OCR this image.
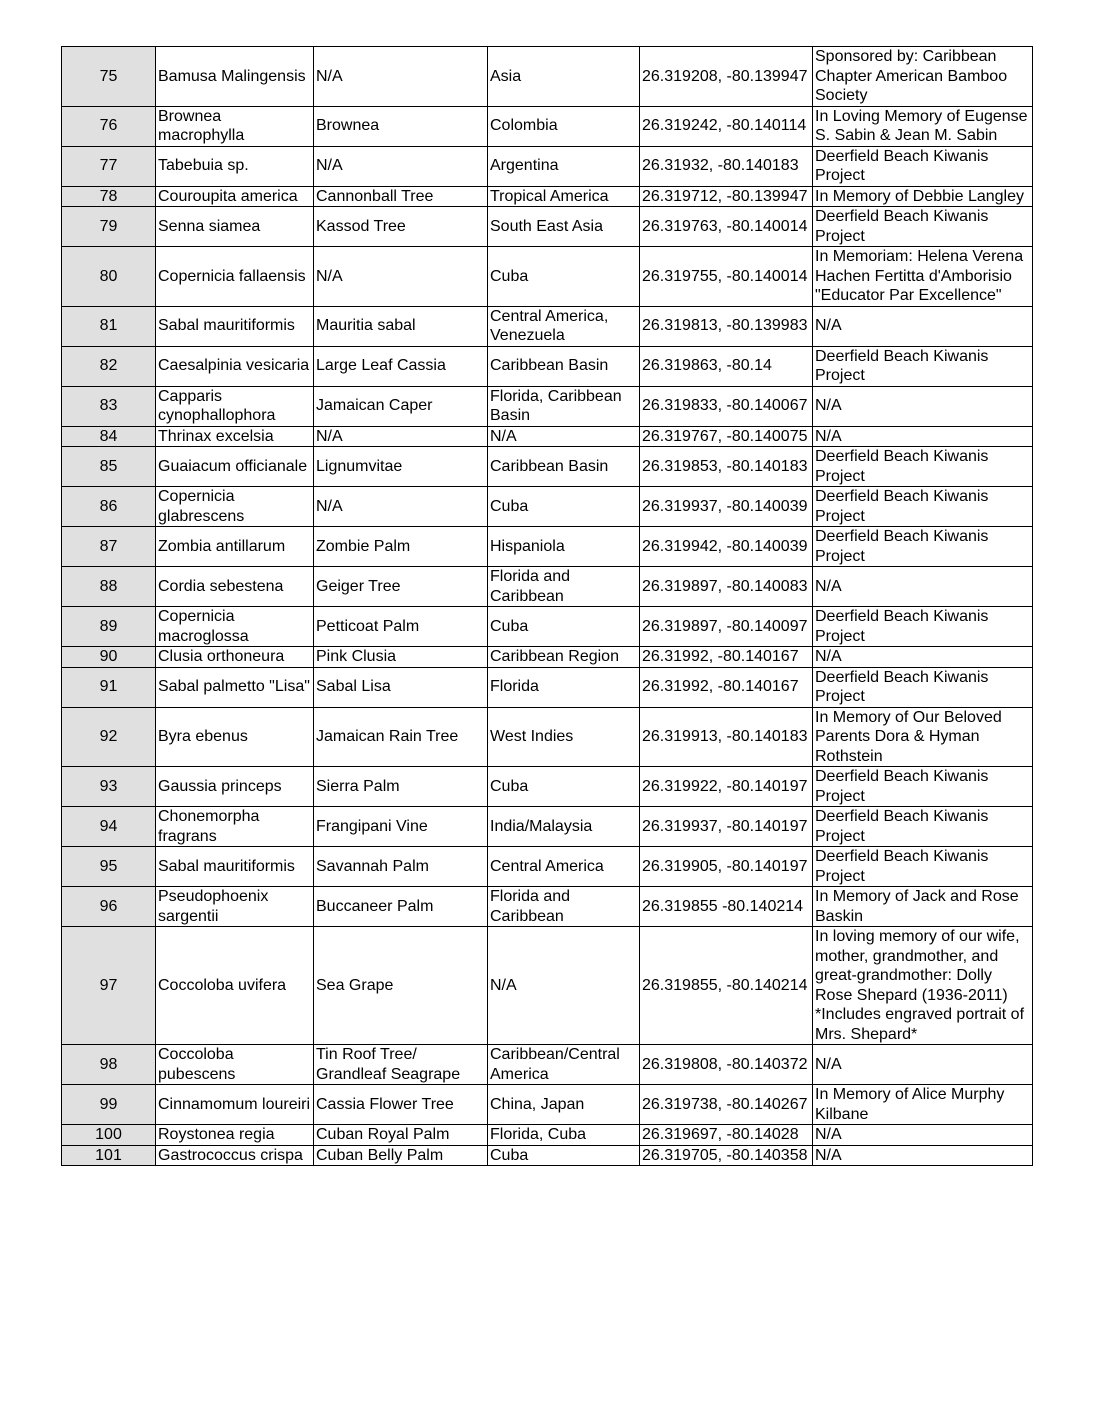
75	Bamusa Malingensis	N/A	Asia	26.319208, -80.139947	Sponsored by: Caribbean Chapter American Bamboo Society
76	Brownea macrophylla	Brownea	Colombia	26.319242, -80.140114	In Loving Memory of Eugense S. Sabin & Jean M. Sabin
77	Tabebuia sp.	N/A	Argentina	26.31932, -80.140183	Deerfield Beach Kiwanis Project
78	Couroupita america	Cannonball Tree	Tropical America	26.319712, -80.139947	In Memory of Debbie Langley
79	Senna siamea	Kassod Tree	South East Asia	26.319763, -80.140014	Deerfield Beach Kiwanis Project
80	Copernicia fallaensis	N/A	Cuba	26.319755, -80.140014	In Memoriam: Helena Verena Hachen Fertitta d'Amborisio "Educator Par Excellence"
81	Sabal mauritiformis	Mauritia sabal	Central America, Venezuela	26.319813, -80.139983	N/A
82	Caesalpinia vesicaria	Large Leaf Cassia	Caribbean Basin	26.319863, -80.14	Deerfield Beach Kiwanis Project
83	Capparis cynophallophora	Jamaican Caper	Florida, Caribbean Basin	26.319833, -80.140067	N/A
84	Thrinax excelsia	N/A	N/A	26.319767, -80.140075	N/A
85	Guaiacum officianale	Lignumvitae	Caribbean Basin	26.319853, -80.140183	Deerfield Beach Kiwanis Project
86	Copernicia glabrescens	N/A	Cuba	26.319937, -80.140039	Deerfield Beach Kiwanis Project
87	Zombia antillarum	Zombie Palm	Hispaniola	26.319942, -80.140039	Deerfield Beach Kiwanis Project
88	Cordia sebestena	Geiger Tree	Florida and Caribbean	26.319897, -80.140083	N/A
89	Copernicia macroglossa	Petticoat Palm	Cuba	26.319897, -80.140097	Deerfield Beach Kiwanis Project
90	Clusia orthoneura	Pink Clusia	Caribbean Region	26.31992, -80.140167	N/A
91	Sabal palmetto "Lisa"	Sabal Lisa	Florida	26.31992, -80.140167	Deerfield Beach Kiwanis Project
92	Byra ebenus	Jamaican Rain Tree	West Indies	26.319913, -80.140183	In Memory of Our Beloved Parents Dora & Hyman Rothstein
93	Gaussia princeps	Sierra Palm	Cuba	26.319922, -80.140197	Deerfield Beach Kiwanis Project
94	Chonemorpha fragrans	Frangipani Vine	India/Malaysia	26.319937, -80.140197	Deerfield Beach Kiwanis Project
95	Sabal mauritiformis	Savannah Palm	Central America	26.319905, -80.140197	Deerfield Beach Kiwanis Project
96	Pseudophoenix sargentii	Buccaneer Palm	Florida and Caribbean	26.319855 -80.140214	In Memory of Jack and Rose Baskin
97	Coccoloba uvifera	Sea Grape	N/A	26.319855, -80.140214	In loving memory of our wife, mother, grandmother, and great-grandmother: Dolly Rose Shepard (1936-2011) *Includes engraved portrait of Mrs. Shepard*
98	Coccoloba pubescens	Tin Roof Tree/ Grandleaf Seagrape	Caribbean/Central America	26.319808, -80.140372	N/A
99	Cinnamomum loureiri	Cassia Flower Tree	China, Japan	26.319738, -80.140267	In Memory of Alice Murphy Kilbane
100	Roystonea regia	Cuban Royal Palm	Florida, Cuba	26.319697, -80.14028	N/A
101	Gastrococcus crispa	Cuban Belly Palm	Cuba	26.319705, -80.140358	N/A
